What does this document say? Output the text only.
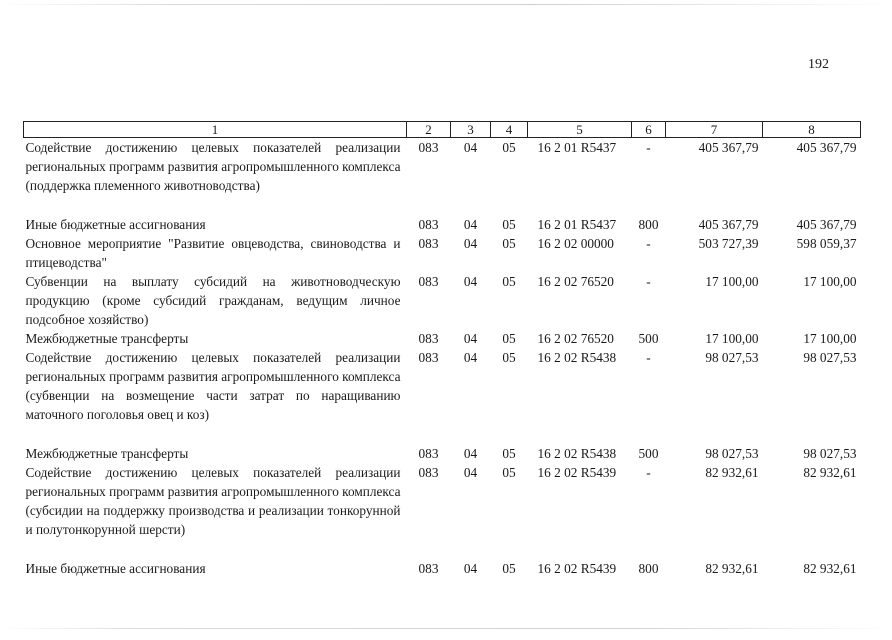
192
1	2	3	4	5	6	7	8
Содействие достижению целевых показателей реализации региональных программ развития агропромышленного комплекса (поддержка племенного животноводства)	083	04	05	16 2 01 R5437	-	405 367,79	405 367,79

Иные бюджетные ассигнования	083	04	05	16 2 01 R5437	800	405 367,79	405 367,79
Основное мероприятие "Развитие овцеводства, свиноводства и птицеводства"	083	04	05	16 2 02 00000	-	503 727,39	598 059,37
Субвенции на выплату субсидий на животноводческую продукцию (кроме субсидий гражданам, ведущим личное подсобное хозяйство)	083	04	05	16 2 02 76520	-	17 100,00	17 100,00
Межбюджетные трансферты	083	04	05	16 2 02 76520	500	17 100,00	17 100,00
Содействие достижению целевых показателей реализации региональных программ развития агропромышленного комплекса (субвенции на возмещение части затрат по наращиванию маточного поголовья овец и коз)	083	04	05	16 2 02 R5438	-	98 027,53	98 027,53

Межбюджетные трансферты	083	04	05	16 2 02 R5438	500	98 027,53	98 027,53
Содействие достижению целевых показателей реализации региональных программ развития агропромышленного комплекса (субсидии на поддержку производства и реализации тонкорунной и полутонкорунной шерсти)	083	04	05	16 2 02 R5439	-	82 932,61	82 932,61

Иные бюджетные ассигнования	083	04	05	16 2 02 R5439	800	82 932,61	82 932,61
